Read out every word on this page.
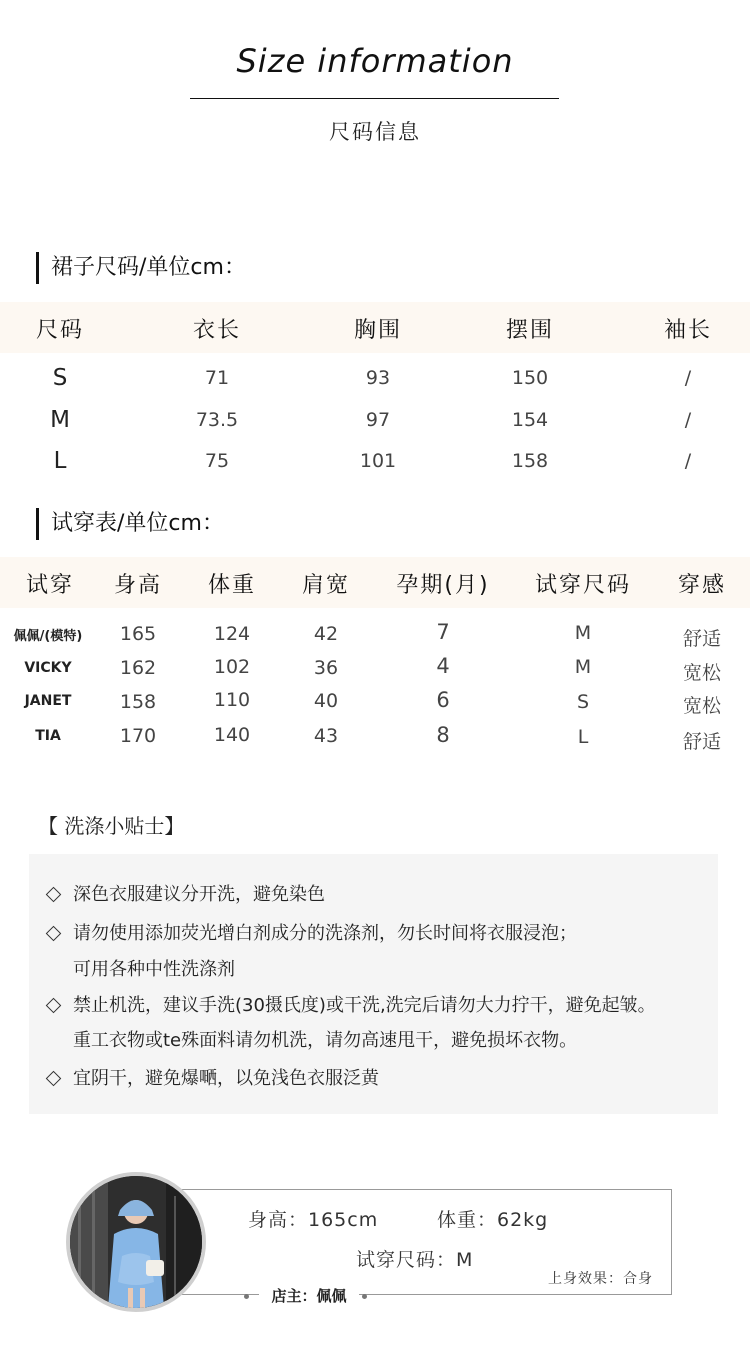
Size information
尺码信息
裙子尺码/单位cm：
尺码	衣长	胸围	摆围	袖长
S	71	93	150	/
M	73.5	97	154	/
L	75	101	158	/
试穿表/单位cm：
试穿 身高 体重 肩宽 孕期(月) 试穿尺码 穿感
佩佩/(模特) 165	124	42	7	M	舒适
VICKY	162	102	36	4	M	宽松
JANET	158	110	40	6	S	宽松
TIA	170	140	43	8	L	舒适
【 洗涤小贴士】
深色衣服建议分开洗，避免染色
请勿使用添加荧光增白剂成分的洗涤剂，勿长时间将衣服浸泡；
可用各种中性洗涤剂
禁止机洗，建议手洗(30摄氏度)或干洗,洗完后请勿大力拧干，避免起皱。
重工衣物或te殊面料请勿机洗，请勿高速甩干，避免损坏衣物。
宜阴干，避免爆嗮，以免浅色衣服泛黄
身高：165cm	体重：62kg
试穿尺码：M
上身效果：合身
店主：佩佩
